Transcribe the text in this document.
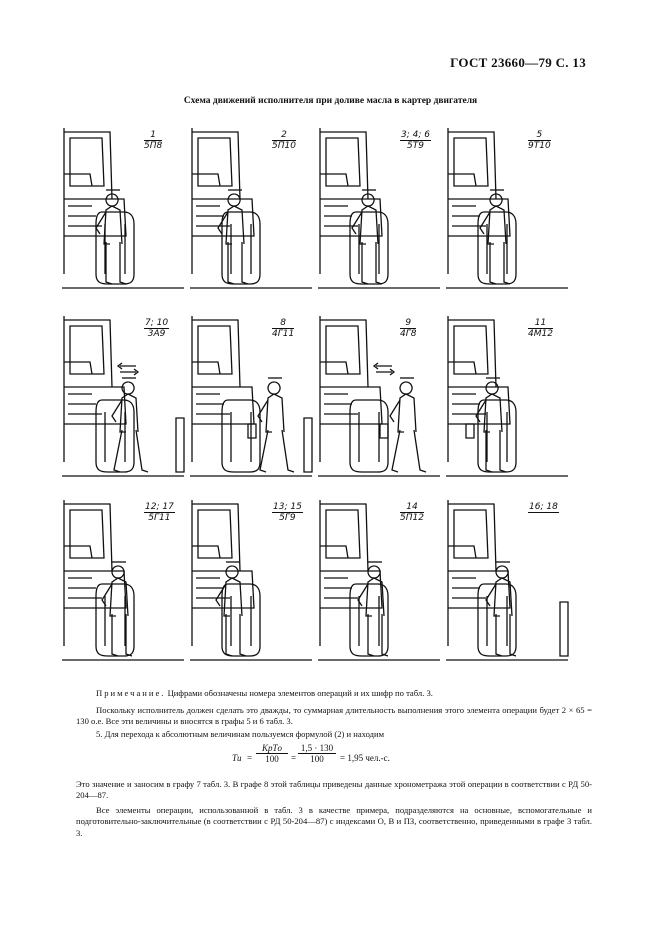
ГОСТ 23660—79 С. 13
Схема движений исполнителя при доливе масла в картер двигателя
1
5П8
2
5П10
3; 4; 6
5Т9
5
9Т10
7; 10
3А9
8
4Г11
9
4Г8
11
4М12
12; 17
5Г11
13; 15
5Г9
14
5П12
16; 18

Примечание. Цифрами обозначены номера элементов операций и их шифр по табл. 3.

Поскольку исполнитель должен сделать это дважды, то суммарная длительность выполнения этого элемента операции будет 2 × 65 = 130 о.е. Все эти величины и вносятся в графы 5 и 6 табл. 3.

5. Для перехода к абсолютным величинам пользуемся формулой (2) и находим

Tи =
KрTо
100	= $\frac{1,5 \cdot 130}{100} = 1,95$ чел.-с.

Это значение и заносим в графу 7 табл. 3. В графе 8 этой таблицы приведены данные хронометража этой операции в соответствии с РД 50-204—87.

Все элементы операции, использованной в табл. 3 в качестве примера, подразделяются на основные, вспомогательные и подготовительно-заключительные (в соответствии с РД 50-204—87) с индексами О, В и ПЗ, соответственно, приведенными в графе 3 табл. 3.
